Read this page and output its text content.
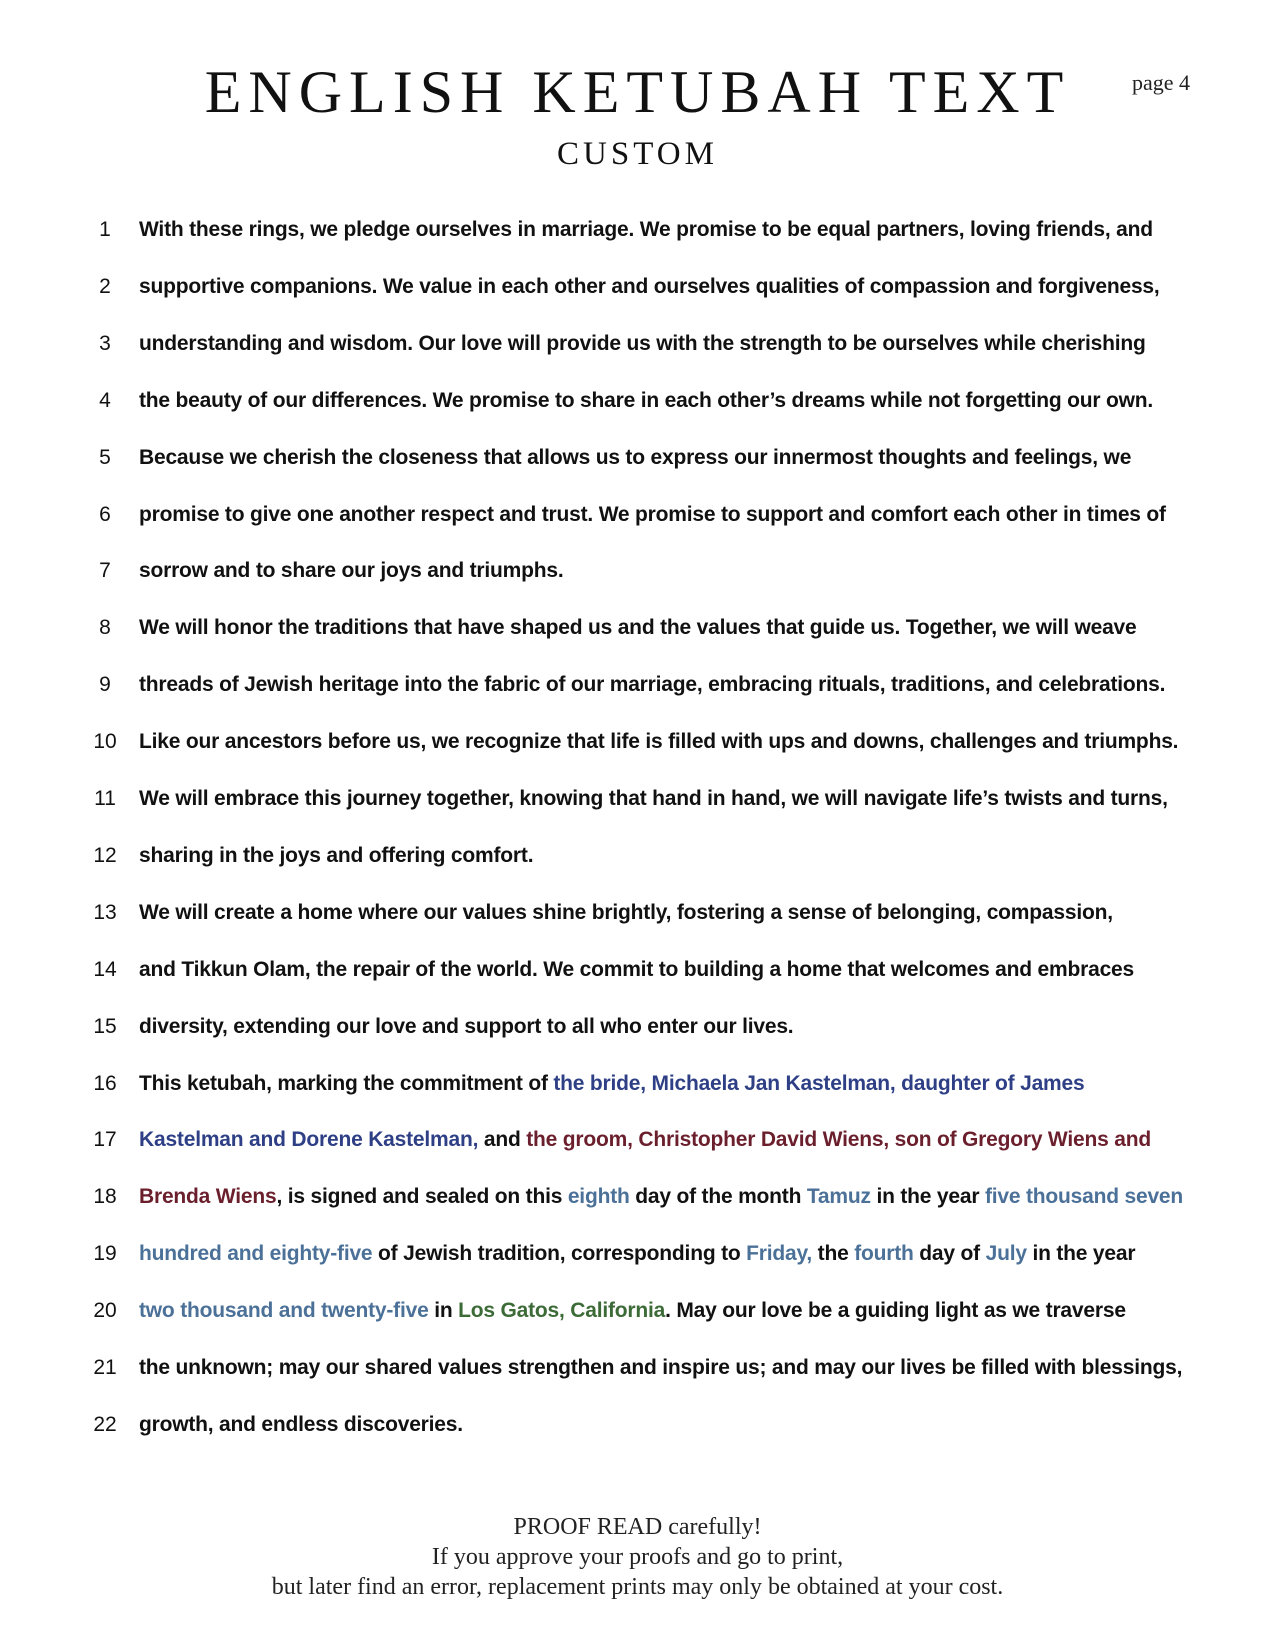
page 4
ENGLISH KETUBAH TEXT
CUSTOM
1	With these rings, we pledge ourselves in marriage. We promise to be equal partners, loving friends, and
2	supportive companions. We value in each other and ourselves qualities of compassion and forgiveness,
3	understanding and wisdom. Our love will provide us with the strength to be ourselves while cherishing
4	the beauty of our differences. We promise to share in each other’s dreams while not forgetting our own.
5	Because we cherish the closeness that allows us to express our innermost thoughts and feelings, we
6	promise to give one another respect and trust. We promise to support and comfort each other in times of
7	sorrow and to share our joys and triumphs.
8	We will honor the traditions that have shaped us and the values that guide us. Together, we will weave
9	threads of Jewish heritage into the fabric of our marriage, embracing rituals, traditions, and celebrations.
10	Like our ancestors before us, we recognize that life is filled with ups and downs, challenges and triumphs.
11	We will embrace this journey together, knowing that hand in hand, we will navigate life’s twists and turns,
12	sharing in the joys and offering comfort.
13	We will create a home where our values shine brightly, fostering a sense of belonging, compassion,
14	and Tikkun Olam, the repair of the world. We commit to building a home that welcomes and embraces
15	diversity, extending our love and support to all who enter our lives.
16	This ketubah, marking the commitment of the bride, Michaela Jan Kastelman, daughter of James
17	Kastelman and Dorene Kastelman, and the groom, Christopher David Wiens, son of Gregory Wiens and
18	Brenda Wiens, is signed and sealed on this eighth day of the month Tamuz in the year five thousand seven
19	hundred and eighty-five of Jewish tradition, corresponding to Friday, the fourth day of July in the year
20	two thousand and twenty-five in Los Gatos, California. May our love be a guiding light as we traverse
21	the unknown; may our shared values strengthen and inspire us; and may our lives be filled with blessings,
22	growth, and endless discoveries.
PROOF READ carefully!
If you approve your proofs and go to print,
but later find an error, replacement prints may only be obtained at your cost.
